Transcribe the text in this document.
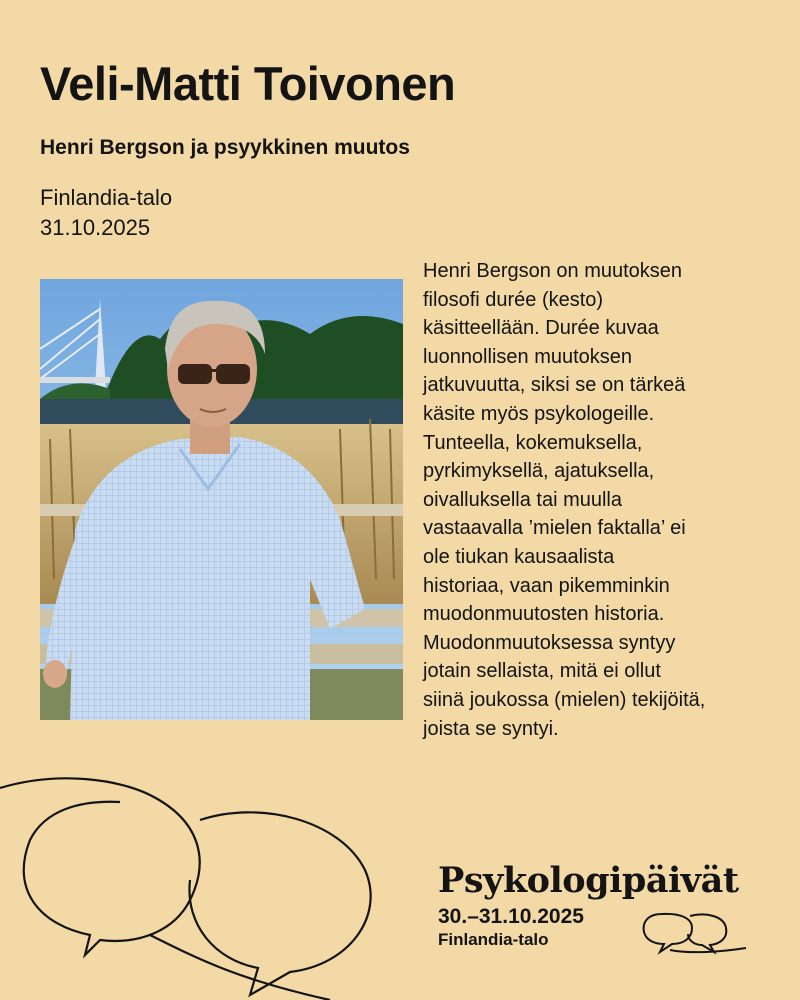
Veli-Matti Toivonen
Henri Bergson ja psyykkinen muutos
Finlandia-talo
31.10.2025
Henri Bergson on muutoksen
filosofi durée (kesto)
käsitteellään. Durée kuvaa
luonnollisen muutoksen
jatkuvuutta, siksi se on tärkeä
käsite myös psykologeille.
Tunteella, kokemuksella,
pyrkimyksellä, ajatuksella,
oivalluksella tai muulla
vastaavalla ’mielen faktalla’ ei
ole tiukan kausaalista
historiaa, vaan pikemminkin
muodonmuutosten historia.
Muodonmuutoksessa syntyy
jotain sellaista, mitä ei ollut
siinä joukossa (mielen) tekijöitä,
joista se syntyi.
Psykologipäivät
30.–31.10.2025
Finlandia-talo
